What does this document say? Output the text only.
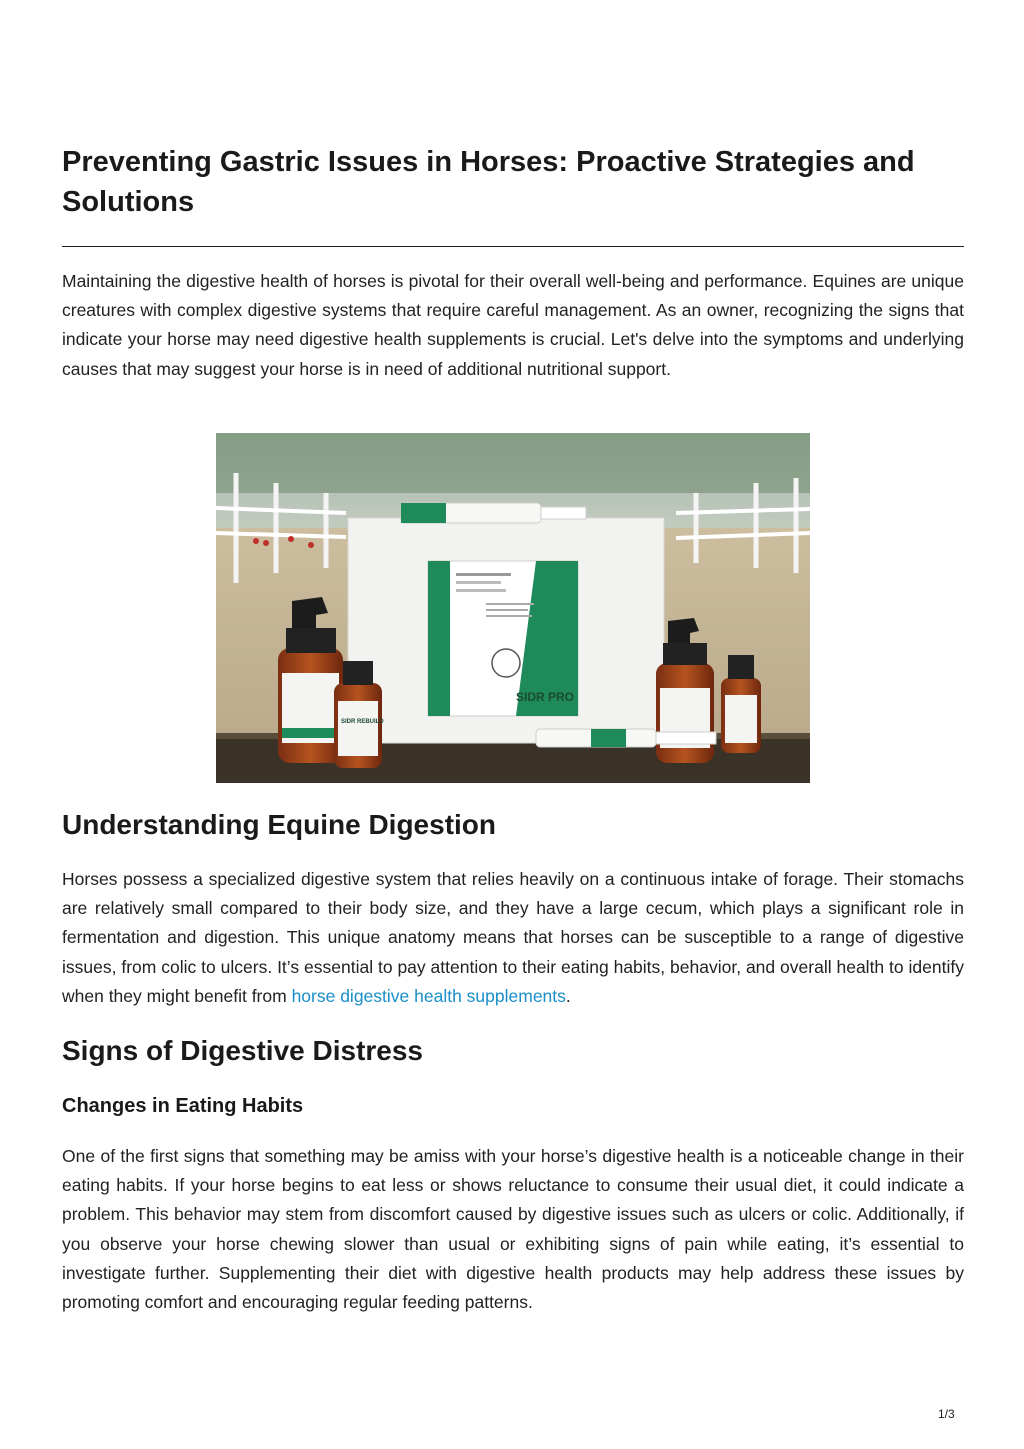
Preventing Gastric Issues in Horses: Proactive Strategies and Solutions

Maintaining the digestive health of horses is pivotal for their overall well-being and performance. Equines are unique creatures with complex digestive systems that require careful management. As an owner, recognizing the signs that indicate your horse may need digestive health supplements is crucial. Let's delve into the symptoms and underlying causes that may suggest your horse is in need of additional nutritional support.

SIDR PRO
SIDR REBUILD
Understanding Equine Digestion

Horses possess a specialized digestive system that relies heavily on a continuous intake of forage. Their stomachs are relatively small compared to their body size, and they have a large cecum, which plays a significant role in fermentation and digestion. This unique anatomy means that horses can be susceptible to a range of digestive issues, from colic to ulcers. It’s essential to pay attention to their eating habits, behavior, and overall health to identify when they might benefit from horse digestive health supplements.

Signs of Digestive Distress
Changes in Eating Habits

One of the first signs that something may be amiss with your horse’s digestive health is a noticeable change in their eating habits. If your horse begins to eat less or shows reluctance to consume their usual diet, it could indicate a problem. This behavior may stem from discomfort caused by digestive issues such as ulcers or colic. Additionally, if you observe your horse chewing slower than usual or exhibiting signs of pain while eating, it’s essential to investigate further. Supplementing their diet with digestive health products may help address these issues by promoting comfort and encouraging regular feeding patterns.

1/3
